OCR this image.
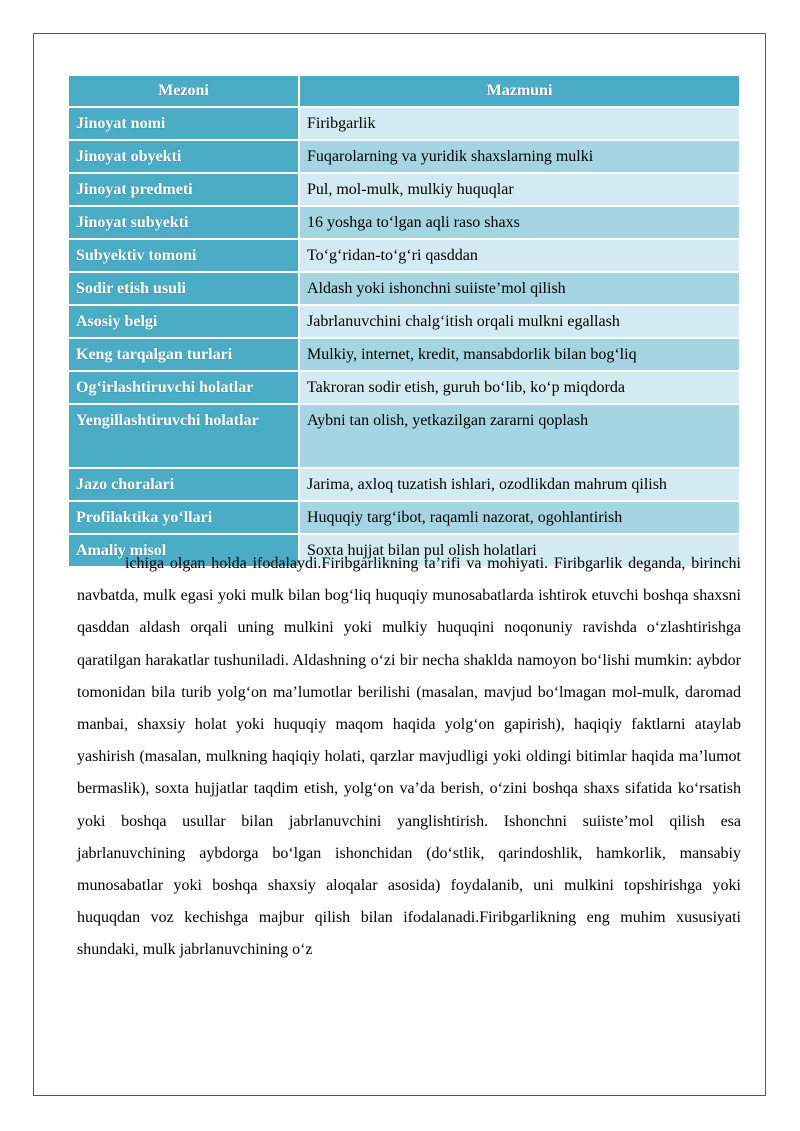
Mezoni	Mazmuni
Jinoyat nomi	Firibgarlik
Jinoyat obyekti	Fuqarolarning va yuridik shaxslarning mulki
Jinoyat predmeti	Pul, mol-mulk, mulkiy huquqlar
Jinoyat subyekti	16 yoshga to‘lgan aqli raso shaxs
Subyektiv tomoni	To‘g‘ridan-to‘g‘ri qasddan
Sodir etish usuli	Aldash yoki ishonchni suiiste’mol qilish
Asosiy belgi	Jabrlanuvchini chalg‘itish orqali mulkni egallash
Keng tarqalgan turlari	Mulkiy, internet, kredit, mansabdorlik bilan bog‘liq
Og‘irlashtiruvchi holatlar	Takroran sodir etish, guruh bo‘lib, ko‘p miqdorda
Yengillashtiruvchi holatlar	Aybni tan olish, yetkazilgan zararni qoplash
Jazo choralari	Jarima, axloq tuzatish ishlari, ozodlikdan mahrum qilish
Profilaktika yo‘llari	Huquqiy targ‘ibot, raqamli nazorat, ogohlantirish
Amaliy misol	Soxta hujjat bilan pul olish holatlari

ichiga olgan holda ifodalaydi.Firibgarlikning ta’rifi va mohiyati. Firibgarlik deganda, birinchi navbatda, mulk egasi yoki mulk bilan bog‘liq huquqiy munosabatlarda ishtirok etuvchi boshqa shaxsni qasddan aldash orqali uning mulkini yoki mulkiy huquqini noqonuniy ravishda o‘zlashtirishga qaratilgan harakatlar tushuniladi. Aldashning o‘zi bir necha shaklda namoyon bo‘lishi mumkin: aybdor tomonidan bila turib yolg‘on ma’lumotlar berilishi (masalan, mavjud bo‘lmagan mol-mulk, daromad manbai, shaxsiy holat yoki huquqiy maqom haqida yolg‘on gapirish), haqiqiy faktlarni ataylab yashirish (masalan, mulkning haqiqiy holati, qarzlar mavjudligi yoki oldingi bitimlar haqida ma’lumot bermaslik), soxta hujjatlar taqdim etish, yolg‘on va’da berish, o‘zini boshqa shaxs sifatida ko‘rsatish yoki boshqa usullar bilan jabrlanuvchini yanglishtirish. Ishonchni suiiste’mol qilish esa jabrlanuvchining aybdorga bo‘lgan ishonchidan (do‘stlik, qarindoshlik, hamkorlik, mansabiy munosabatlar yoki boshqa shaxsiy aloqalar asosida) foydalanib, uni mulkini topshirishga yoki huquqdan voz kechishga majbur qilish bilan ifodalanadi.Firibgarlikning eng muhim xususiyati shundaki, mulk jabrlanuvchining o‘z
